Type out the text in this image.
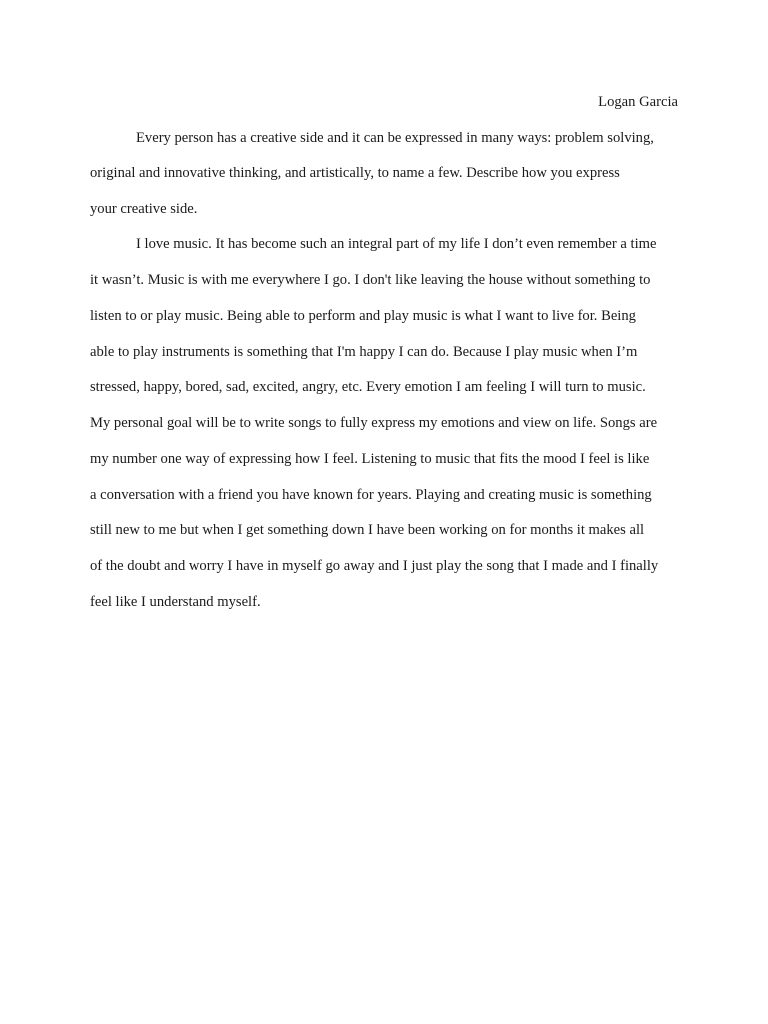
Logan Garcia

Every person has a creative side and it can be expressed in many ways: problem solving,

original and innovative thinking, and artistically, to name a few. Describe how you express

your creative side.

I love music. It has become such an integral part of my life I don’t even remember a time

it wasn’t. Music is with me everywhere I go. I don't like leaving the house without something to

listen to or play music. Being able to perform and play music is what I want to live for. Being

able to play instruments is something that I'm happy I can do. Because I play music when I’m

stressed, happy, bored, sad, excited, angry, etc. Every emotion I am feeling I will turn to music.

My personal goal will be to write songs to fully express my emotions and view on life. Songs are

my number one way of expressing how I feel. Listening to music that fits the mood I feel is like

a conversation with a friend you have known for years. Playing and creating music is something

still new to me but when I get something down I have been working on for months it makes all

of the doubt and worry I have in myself go away and I just play the song that I made and I finally

feel like I understand myself.
